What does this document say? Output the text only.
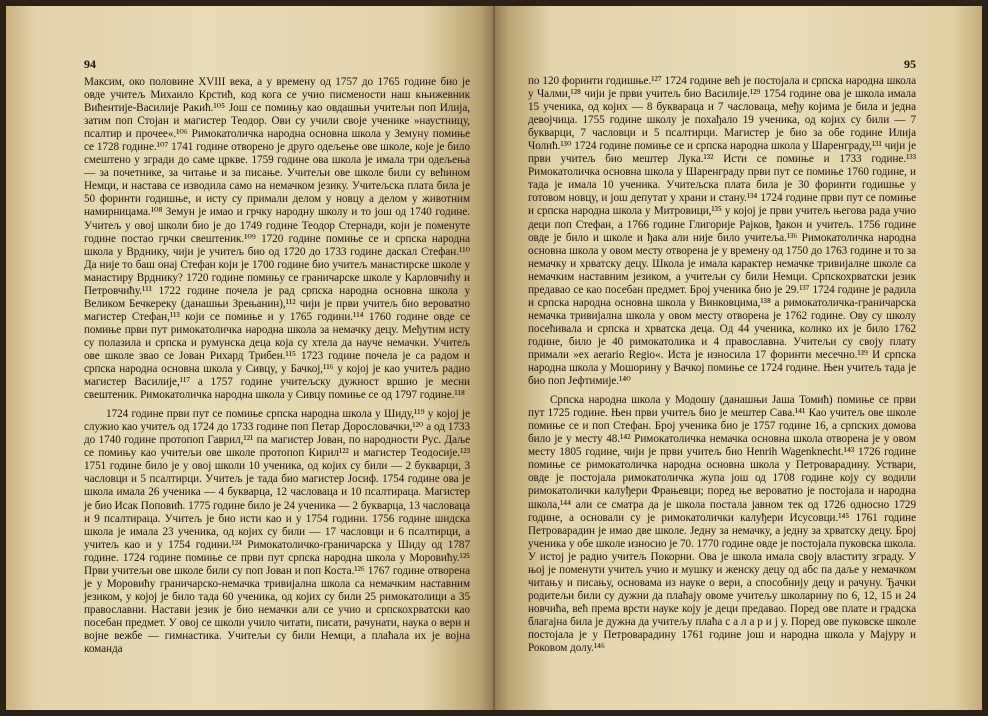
94

Максим, око половине XVIII века, а у времену од 1757 до 1765 године био је овде учитељ Михаило Крстић, код кога се учио писмености наш књижевник Вићентије-Василије Ракић.¹⁰⁵ Још се помињу као овдашњи учитељи поп Илија, затим поп Стојан и магистер Теодор. Ови су учили своје ученике »наустницу, псалтир и прочее«.¹⁰⁶ Римокатоличка народна основна школа у Земуну помиње се 1728 године.¹⁰⁷ 1741 године отворено је друго одељење ове школе, које је било смештено у згради до саме цркве. 1759 године ова школа је имала три одељења — за почетнике, за читање и за писање. Учитељи ове школе били су већином Немци, и настава се изводила само на немачком језику. Учитељска плата била је 50 форинти годишње, и исту су примали делом у новцу а делом у животним намирницама.¹⁰⁸ Земун је имао и грчку народну школу и то још од 1740 године. Учитељ у овој школи био је до 1749 године Теодор Стернади, који је поменуте године постао грчки свештеник.¹⁰⁹ 1720 године помиње се и српска народна школа у Врднику, чији је учитељ био од 1720 до 1733 године даскал Стефан.¹¹⁰ Да није то баш онај Стефан који је 1700 године био учитељ манастирске школе у манастиру Врднику? 1720 године помињу се граничарске школе у Карловчићу и Петровчићу.¹¹¹ 1722 године почела је рад српска народна основна школа у Великом Бечкереку (данашњи Зрењанин),¹¹² чији је први учитељ био вероватно магистер Стефан,¹¹³ који се помиње и у 1765 години.¹¹⁴ 1760 године овде се помиње први пут римокатоличка народна школа за немачку децу. Међутим исту су полазила и српска и румунска деца која су хтела да науче немачки. Учитељ ове школе звао се Јован Рихард Трибен.¹¹⁵ 1723 године почела је са радом и српска народна основна школа у Сивцу, у Бачкој,¹¹⁶ у којој је као учитељ радио магистер Василије,¹¹⁷ а 1757 године учитељску дужност вршио је месни свештеник. Римокатоличка народна школа у Сивцу помиње се од 1797 године.¹¹⁸

1724 године први пут се помиње српска народна школа у Шиду,¹¹⁹ у којој је служио као учитељ од 1724 до 1733 године поп Петар Дорословачки,¹²⁰ а од 1733 до 1740 године протопоп Гаврил,¹²¹ па магистер Јован, по народности Рус. Даље се помињу као учитељи ове школе протопоп Кирил¹²² и магистер Теодосије.¹²³ 1751 године било је у овој школи 10 ученика, од којих су били — 2 букварци, 3 часловци и 5 псалтирци. Учитељ је тада био магистер Јосиф. 1754 године ова је школа имала 26 ученика — 4 букварца, 12 часловаца и 10 псалтираца. Магистер је био Исак Поповић. 1775 године било је 24 ученика — 2 букварца, 13 часловаца и 9 псалтираца. Учитељ је био исти као и у 1754 години. 1756 године шидска школа је имала 23 ученика, од којих су били — 17 часловци и 6 псалтирци, а учитељ као и у 1754 години.¹²⁴ Римокатоличко-граничарска у Шиду од 1787 године. 1724 године помиње се први пут српска народна школа у Моровићу.¹²⁵ Први учитељи ове школе били су поп Јован и поп Коста.¹²⁶ 1767 године отворена је у Моровићу граничарско-немачка тривијална школа са немачким наставним језиком, у којој је било тада 60 ученика, од којих су били 25 римокатолици а 35 православни. Настави језик је био немачки али се учио и српскохрватски као посебан предмет. У овој се школи учило читати, писати, рачунати, наука о вери и војне вежбе — гимнастика. Учитељи су били Немци, а плаћала их је војна команда

95

по 120 форинти годишње.¹²⁷ 1724 године већ је постојала и српска народна школа у Чалми,¹²⁸ чији је први учитељ био Василије.¹²⁹ 1754 године ова је школа имала 15 ученика, од којих — 8 букварaца и 7 часловаца, међу којима је била и једна девојчица. 1755 године школу је похађало 19 ученика, од којих су били — 7 букварци, 7 часловци и 5 псалтирци. Магистер је био за обе године Илија Чолић.¹³⁰ 1724 године помиње се и српска народна школа у Шаренграду,¹³¹ чији је први учитељ био мештер Лука.¹³² Исти се помиње и 1733 године.¹³³ Римокатоличка основна школа у Шаренграду први пут се помиње 1760 године, и тада је имала 10 ученика. Учитељска плата била је 30 форинти годишње у готовом новцу, и још депутат у храни и стану.¹³⁴ 1724 године први пут се помиње и српска народна школа у Митровици,¹³⁵ у којој је први учитељ његова рада учио деци поп Стефан, а 1766 године Глигорије Рајков, ђакон и учитељ. 1756 године овде је било и школе и ђака али није било учитеља.¹³⁶ Римокатоличка народна основна школа у овом месту отворена је у времену од 1750 до 1763 године и то за немачку и хрватску децу. Школа је имала карактер немачке тривијалне школе са немачким наставним језиком, а учитељи су били Немци. Српскохрватски језик предавао се као посебан предмет. Број ученика био је 29.¹³⁷ 1724 године је радила и српска народна основна школа у Винковцима,¹³⁸ а римокатоличка-граничарска немачка тривијална школа у овом месту отворена је 1762 године. Ову су школу посећивала и српска и хрватска деца. Од 44 ученика, колико их је било 1762 године, било је 40 римокатолика и 4 православна. Учитељи су своју плату примали »ex aerario Regio«. Иста је износила 17 форинти месечно.¹³⁹ И српска народна школа у Мошорину у Вачкој помиње се 1724 године. Њен учитељ тада је био поп Јефтимије.¹⁴⁰

Српска народна школа у Модошу (данашњи Јаша Томић) помиње се први пут 1725 године. Њен први учитељ био је мештер Сава.¹⁴¹ Као учитељ ове школе помиње се и поп Стефан. Број ученика био је 1757 године 16, а српских домова било је у месту 48.¹⁴² Римокатоличка немачка основна школа отворена је у овом месту 1805 године, чији је први учитељ био Henrih Wagenknecht.¹⁴³ 1726 године помиње се римокатоличка народна основна школа у Петроварадину. Уствари, овде је постојала римокатоличка жупа још од 1708 године коју су водили римокатолички калуђери Фрањевци; поред ње вероватно је постојала и народна школа,¹⁴⁴ али се сматра да је школа постала јавном тек од 1726 односно 1729 године, а основали су је римокатолички калуђери Исусовци.¹⁴⁵ 1761 године Петроварадин је имао две школе. Једну за немачку, а једну за хрватску децу. Број ученика у обе школе износио је 70. 1770 године овде је постојала пуковска школа. У истој је радио учитељ Покорни. Ова је школа имала своју властиту зграду. У њој је поменути учитељ учио и мушку и женску децу од абс па даље у немачком читању и писању, основама из науке о вери, а способнију децу и рачуну. Ђачки родитељи били су дужни да плаћају овоме учитељу школарину по 6, 12, 15 и 24 новчића, већ према врсти науке коју је деци предавао. Поред ове плате и градска благајна била је дужна да учитељу плаћа с а л а р и ј у. Поред ове пуковске школе постојала је у Петроварадину 1761 године још и народна школа у Мајуру и Роковом долу.¹⁴⁶
